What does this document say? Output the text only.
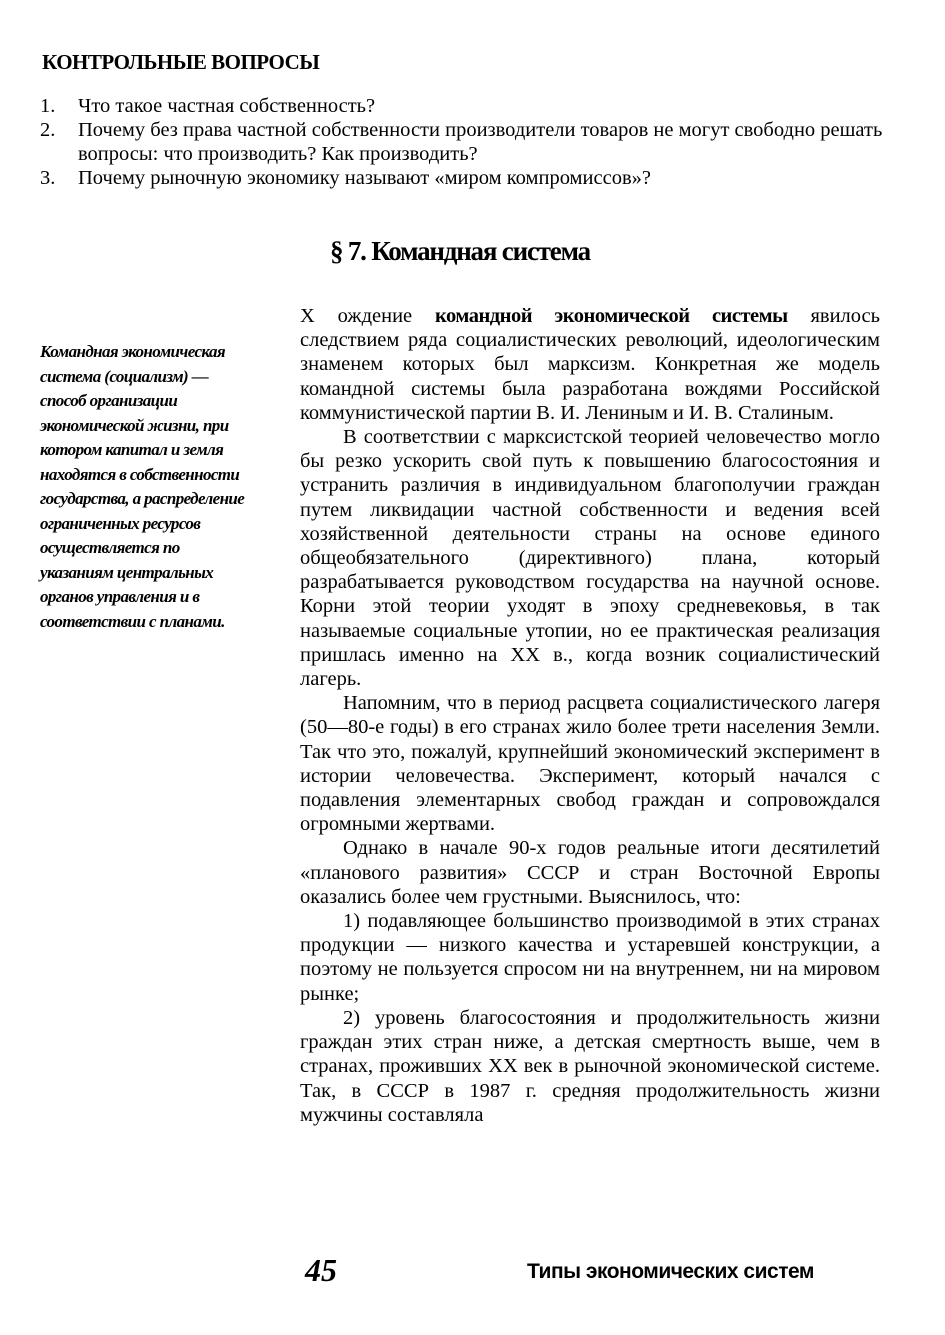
КОНТРОЛЬНЫЕ ВОПРОСЫ
1.	Что такое частная собственность?
2.	Почему без права частной собственности производители товаров не могут свободно решать вопросы: что производить? Как производить?
3.	Почему рыночную экономику называют «миром компромиссов»?
§ 7. Командная система
Командная экономическая система (социализм) — способ организации экономической жизни, при котором капитал и земля находятся в собственности государства, а распределение ограниченных ресурсов осуществляется по указаниям центральных органов управления и в соответствии с планами.

Х ождение командной экономической системы явилось следствием ряда социалистических революций, идеологическим знаменем которых был марксизм. Конкретная же модель командной системы была разработана вождями Российской коммунистической партии В. И. Лениным и И. В. Сталиным.

В соответствии с марксистской теорией человечество могло бы резко ускорить свой путь к повышению благосостояния и устранить различия в индивидуальном благополучии граждан путем ликвидации частной собственности и ведения всей хозяйственной деятельности страны на основе единого общеобязательного (директивного) плана, который разрабатывается руководством государства на научной основе. Корни этой теории уходят в эпоху средневековья, в так называемые социальные утопии, но ее практическая реализация пришлась именно на XX в., когда возник социалистический лагерь.

Напомним, что в период расцвета социалистического лагеря (50—80-е годы) в его странах жило более трети населения Земли. Так что это, пожалуй, крупнейший экономический эксперимент в истории человечества. Эксперимент, который начался с подавления элементарных свобод граждан и сопровождался огромными жертвами.

Однако в начале 90-х годов реальные итоги десятилетий «планового развития» СССР и стран Восточной Европы оказались более чем грустными. Выяснилось, что:

1) подавляющее большинство производимой в этих странах продукции — низкого качества и устаревшей конструкции, а поэтому не пользуется спросом ни на внутреннем, ни на мировом рынке;

2) уровень благосостояния и продолжительность жизни граждан этих стран ниже, а детская смертность выше, чем в странах, проживших XX век в рыночной экономической системе. Так, в СССР в 1987 г. средняя продолжительность жизни мужчины составляла

45	Типы экономических систем
